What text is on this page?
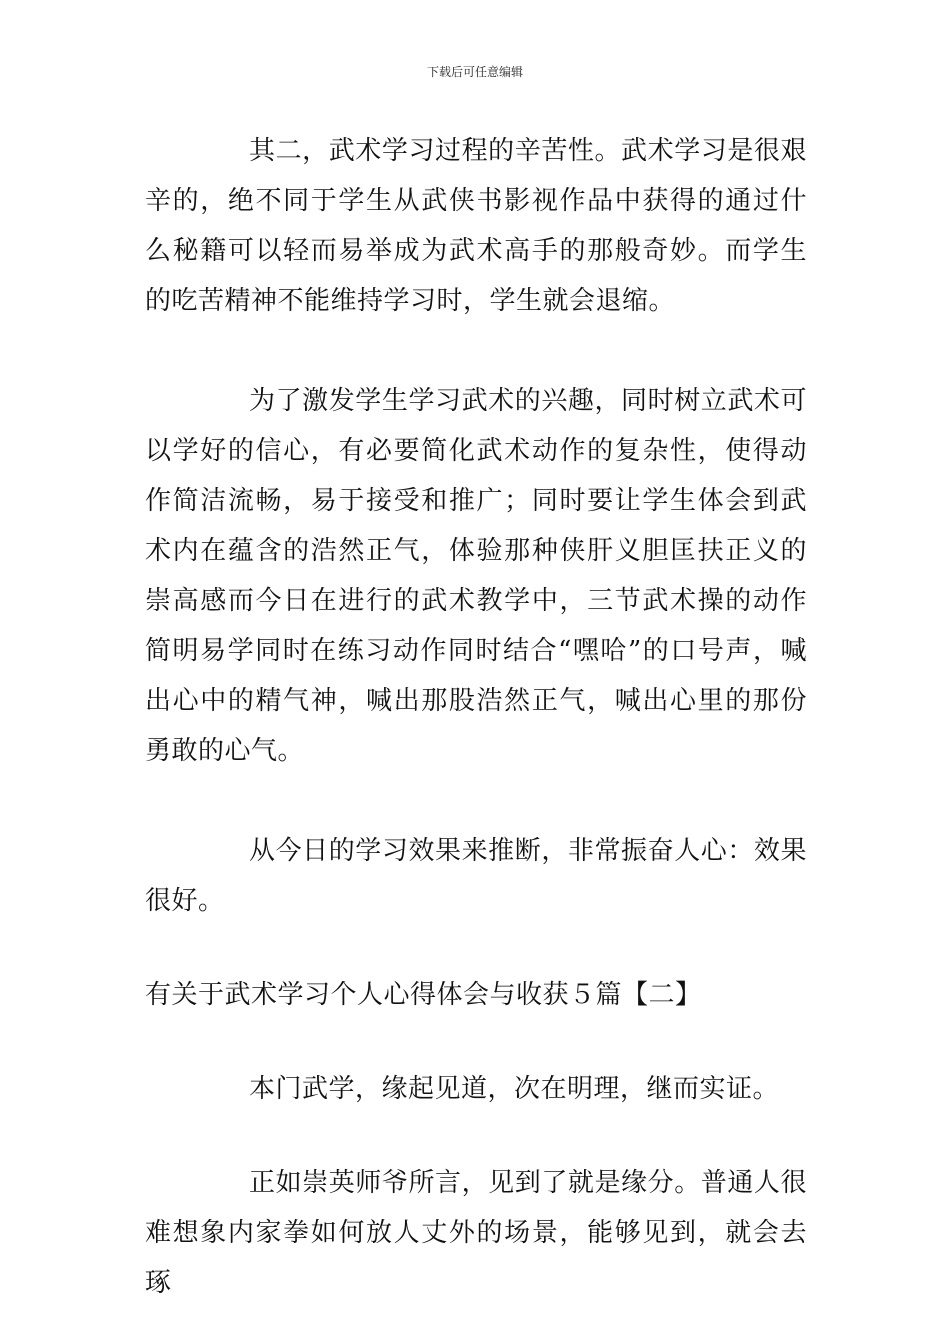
下载后可任意编辑

其二，武术学习过程的辛苦性。武术学习是很艰辛的，绝不同于学生从武侠书影视作品中获得的通过什么秘籍可以轻而易举成为武术高手的那般奇妙。而学生的吃苦精神不能维持学习时，学生就会退缩。

为了激发学生学习武术的兴趣，同时树立武术可以学好的信心，有必要简化武术动作的复杂性，使得动作简洁流畅，易于接受和推广；同时要让学生体会到武术内在蕴含的浩然正气，体验那种侠肝义胆匡扶正义的崇高感而今日在进行的武术教学中，三节武术操的动作简明易学同时在练习动作同时结合“嘿哈”的口号声，喊出心中的精气神，喊出那股浩然正气，喊出心里的那份勇敢的心气。

从今日的学习效果来推断，非常振奋人心：效果很好。

有关于武术学习个人心得体会与收获５篇【二】

本门武学，缘起见道，次在明理，继而实证。

正如崇英师爷所言，见到了就是缘分。普通人很难想象内家拳如何放人丈外的场景，能够见到，就会去琢
